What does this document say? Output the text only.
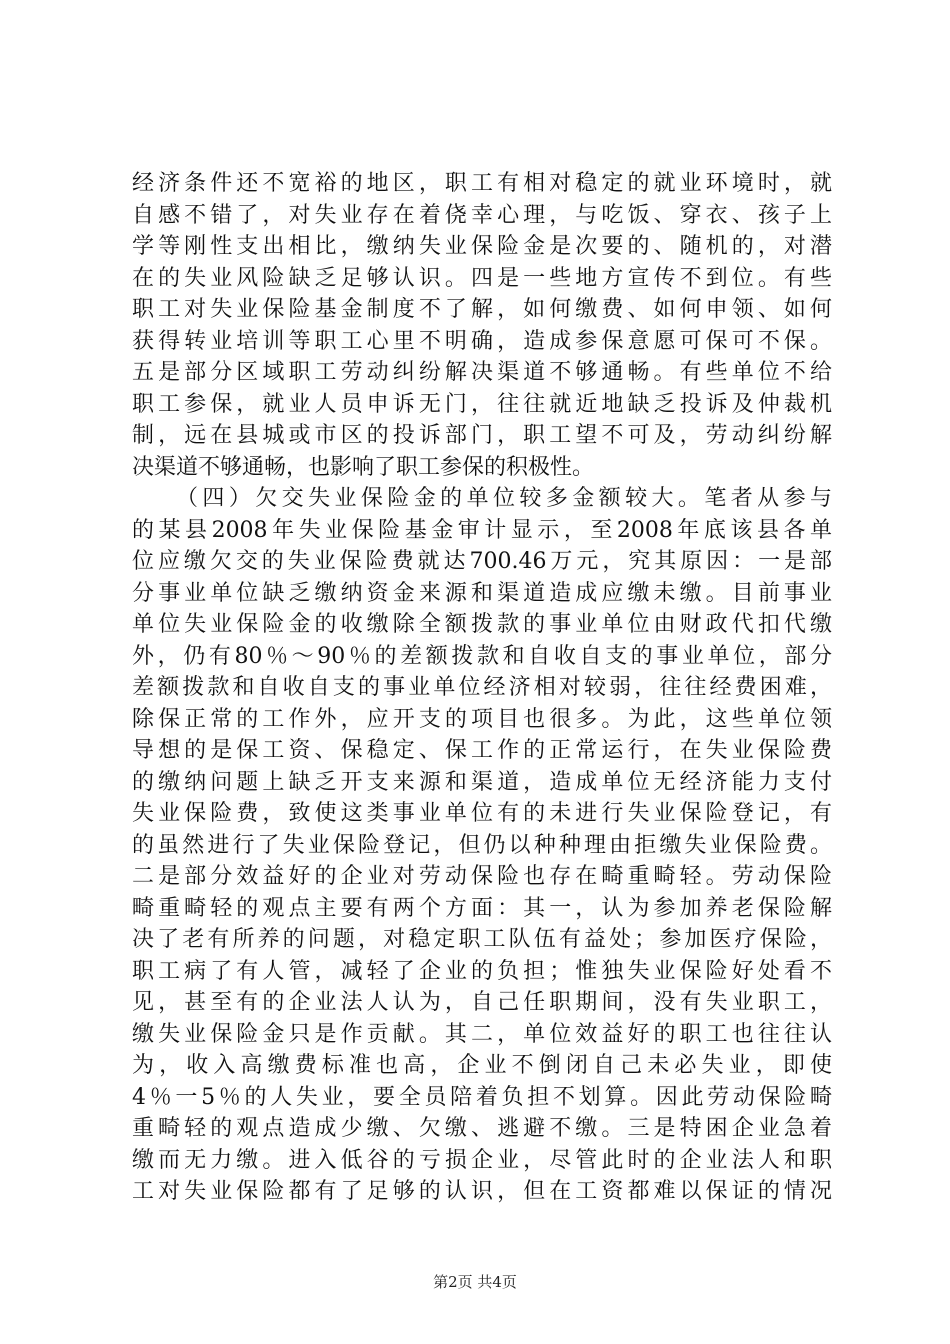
经济条件还不宽裕的地区，职工有相对稳定的就业环境时，就
自感不错了，对失业存在着侥幸心理，与吃饭、穿衣、孩子上
学等刚性支出相比，缴纳失业保险金是次要的、随机的，对潜
在的失业风险缺乏足够认识。四是一些地方宣传不到位。有些
职工对失业保险基金制度不了解，如何缴费、如何申领、如何
获得转业培训等职工心里不明确，造成参保意愿可保可不保。
五是部分区域职工劳动纠纷解决渠道不够通畅。有些单位不给
职工参保，就业人员申诉无门，往往就近地缺乏投诉及仲裁机
制，远在县城或市区的投诉部门，职工望不可及，劳动纠纷解
决渠道不够通畅，也影响了职工参保的积极性。
（四）欠交失业保险金的单位较多金额较大。笔者从参与
的某县2008年失业保险基金审计显示，至2008年底该县各单
位应缴欠交的失业保险费就达700.46万元，究其原因：一是部
分事业单位缺乏缴纳资金来源和渠道造成应缴未缴。目前事业
单位失业保险金的收缴除全额拨款的事业单位由财政代扣代缴
外，仍有80％～90％的差额拨款和自收自支的事业单位，部分
差额拨款和自收自支的事业单位经济相对较弱，往往经费困难，
除保正常的工作外，应开支的项目也很多。为此，这些单位领
导想的是保工资、保稳定、保工作的正常运行，在失业保险费
的缴纳问题上缺乏开支来源和渠道，造成单位无经济能力支付
失业保险费，致使这类事业单位有的未进行失业保险登记，有
的虽然进行了失业保险登记，但仍以种种理由拒缴失业保险费。
二是部分效益好的企业对劳动保险也存在畸重畸轻。劳动保险
畸重畸轻的观点主要有两个方面：其一，认为参加养老保险解
决了老有所养的问题，对稳定职工队伍有益处；参加医疗保险，
职工病了有人管，减轻了企业的负担；惟独失业保险好处看不
见，甚至有的企业法人认为，自己任职期间，没有失业职工，
缴失业保险金只是作贡献。其二，单位效益好的职工也往往认
为，收入高缴费标准也高，企业不倒闭自己未必失业，即使
4％一5％的人失业，要全员陪着负担不划算。因此劳动保险畸
重畸轻的观点造成少缴、欠缴、逃避不缴。三是特困企业急着
缴而无力缴。进入低谷的亏损企业，尽管此时的企业法人和职
工对失业保险都有了足够的认识，但在工资都难以保证的情况
第2页 共4页
